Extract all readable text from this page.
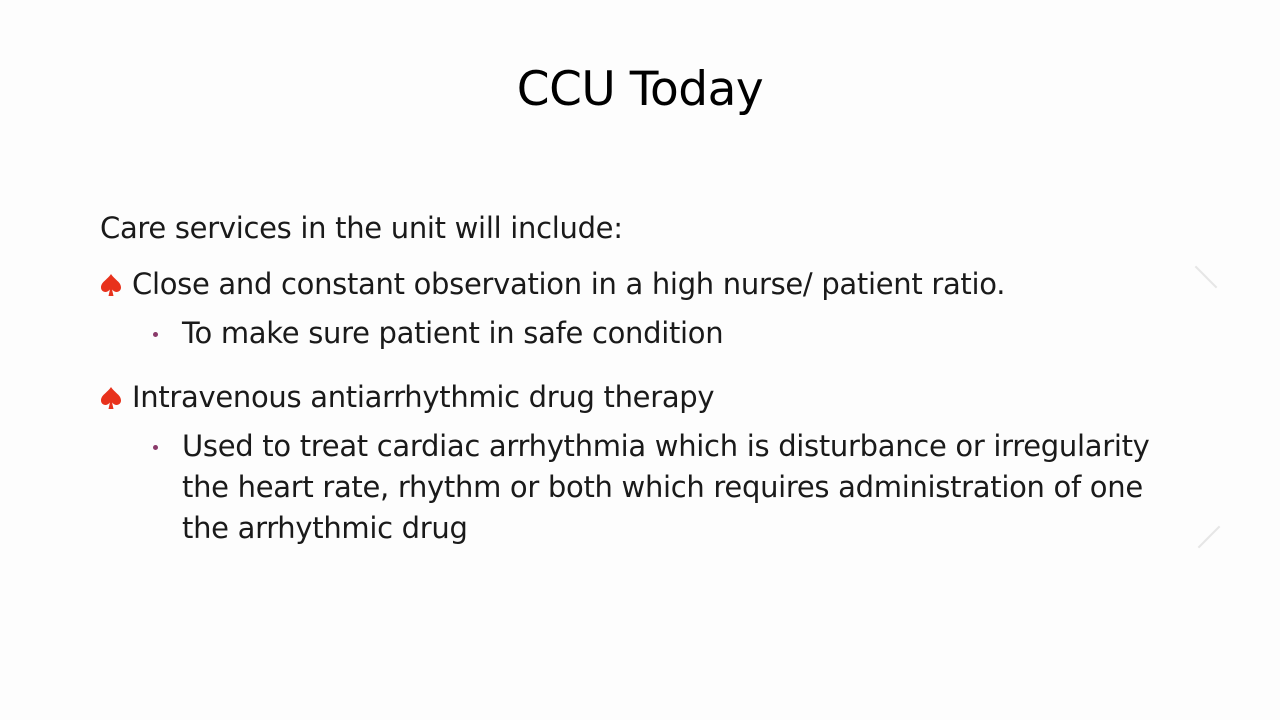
CCU Today
Care services in the unit will include:
Close and constant observation in a high nurse/ patient ratio.
To make sure patient in safe condition
Intravenous antiarrhythmic drug therapy
Used to treat cardiac arrhythmia which is disturbance or irregularity
the heart rate, rhythm or both which requires administration of one
the arrhythmic drug
